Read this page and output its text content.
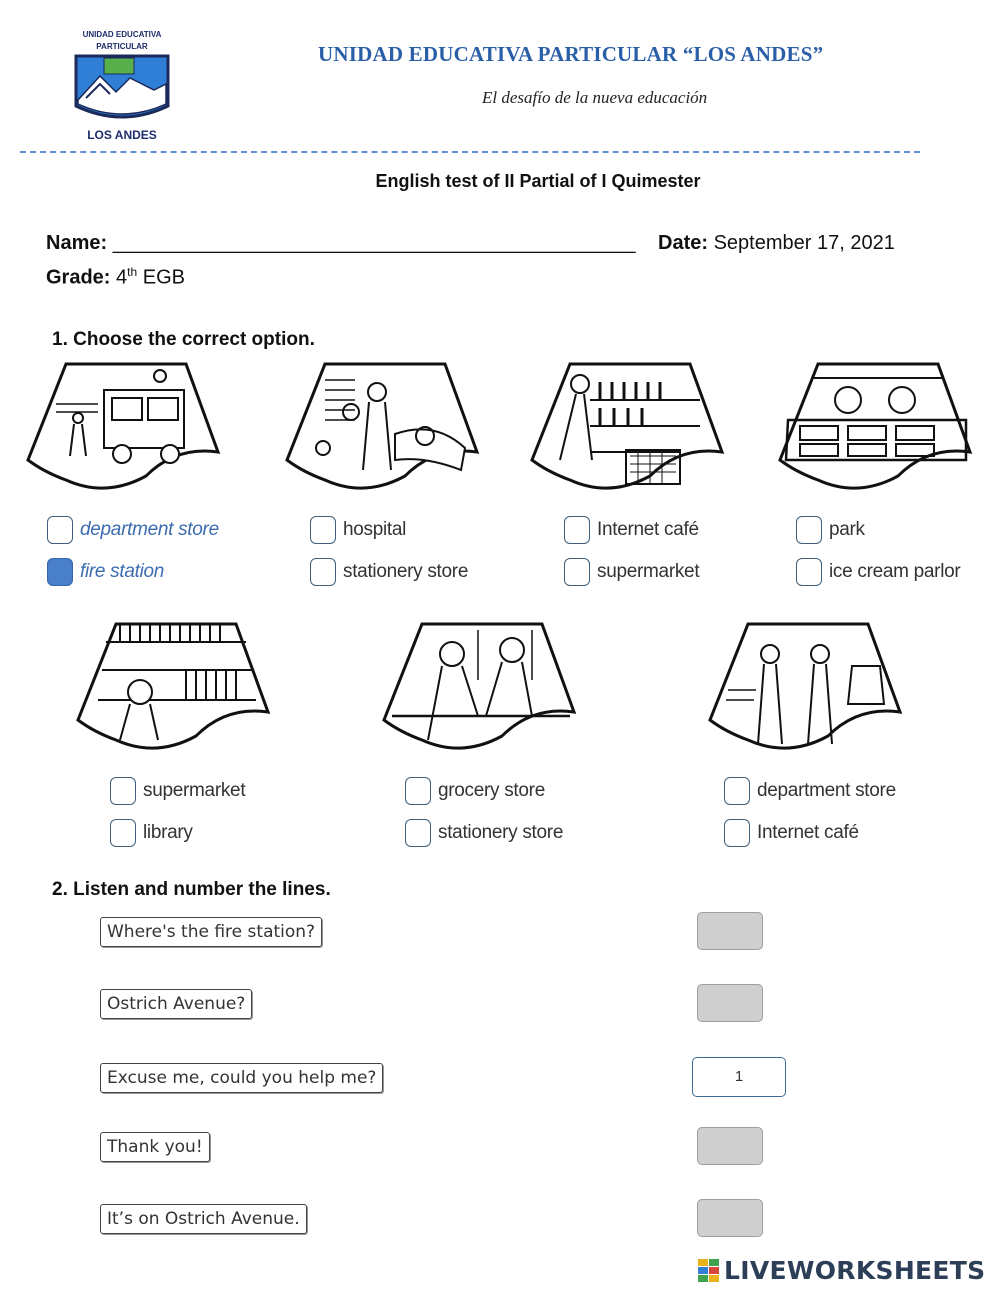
UNIDAD EDUCATIVA
PARTICULAR
LOS ANDES
UNIDAD EDUCATIVA PARTICULAR “LOS ANDES”
El desafío de la nueva educación
English test of II Partial of I Quimester
Name: _______________________________________________ Date: September 17, 2021
Grade: 4th EGB
1. Choose the correct option.
department store
fire station
hospital
stationery store
Internet café
supermarket
park
ice cream parlor
supermarket
library
grocery store
stationery store
department store
Internet café
2. Listen and number the lines.
Where's the fire station?
Ostrich Avenue?
Excuse me, could you help me?	1
Thank you!
It’s on Ostrich Avenue.
LIVEWORKSHEETS
